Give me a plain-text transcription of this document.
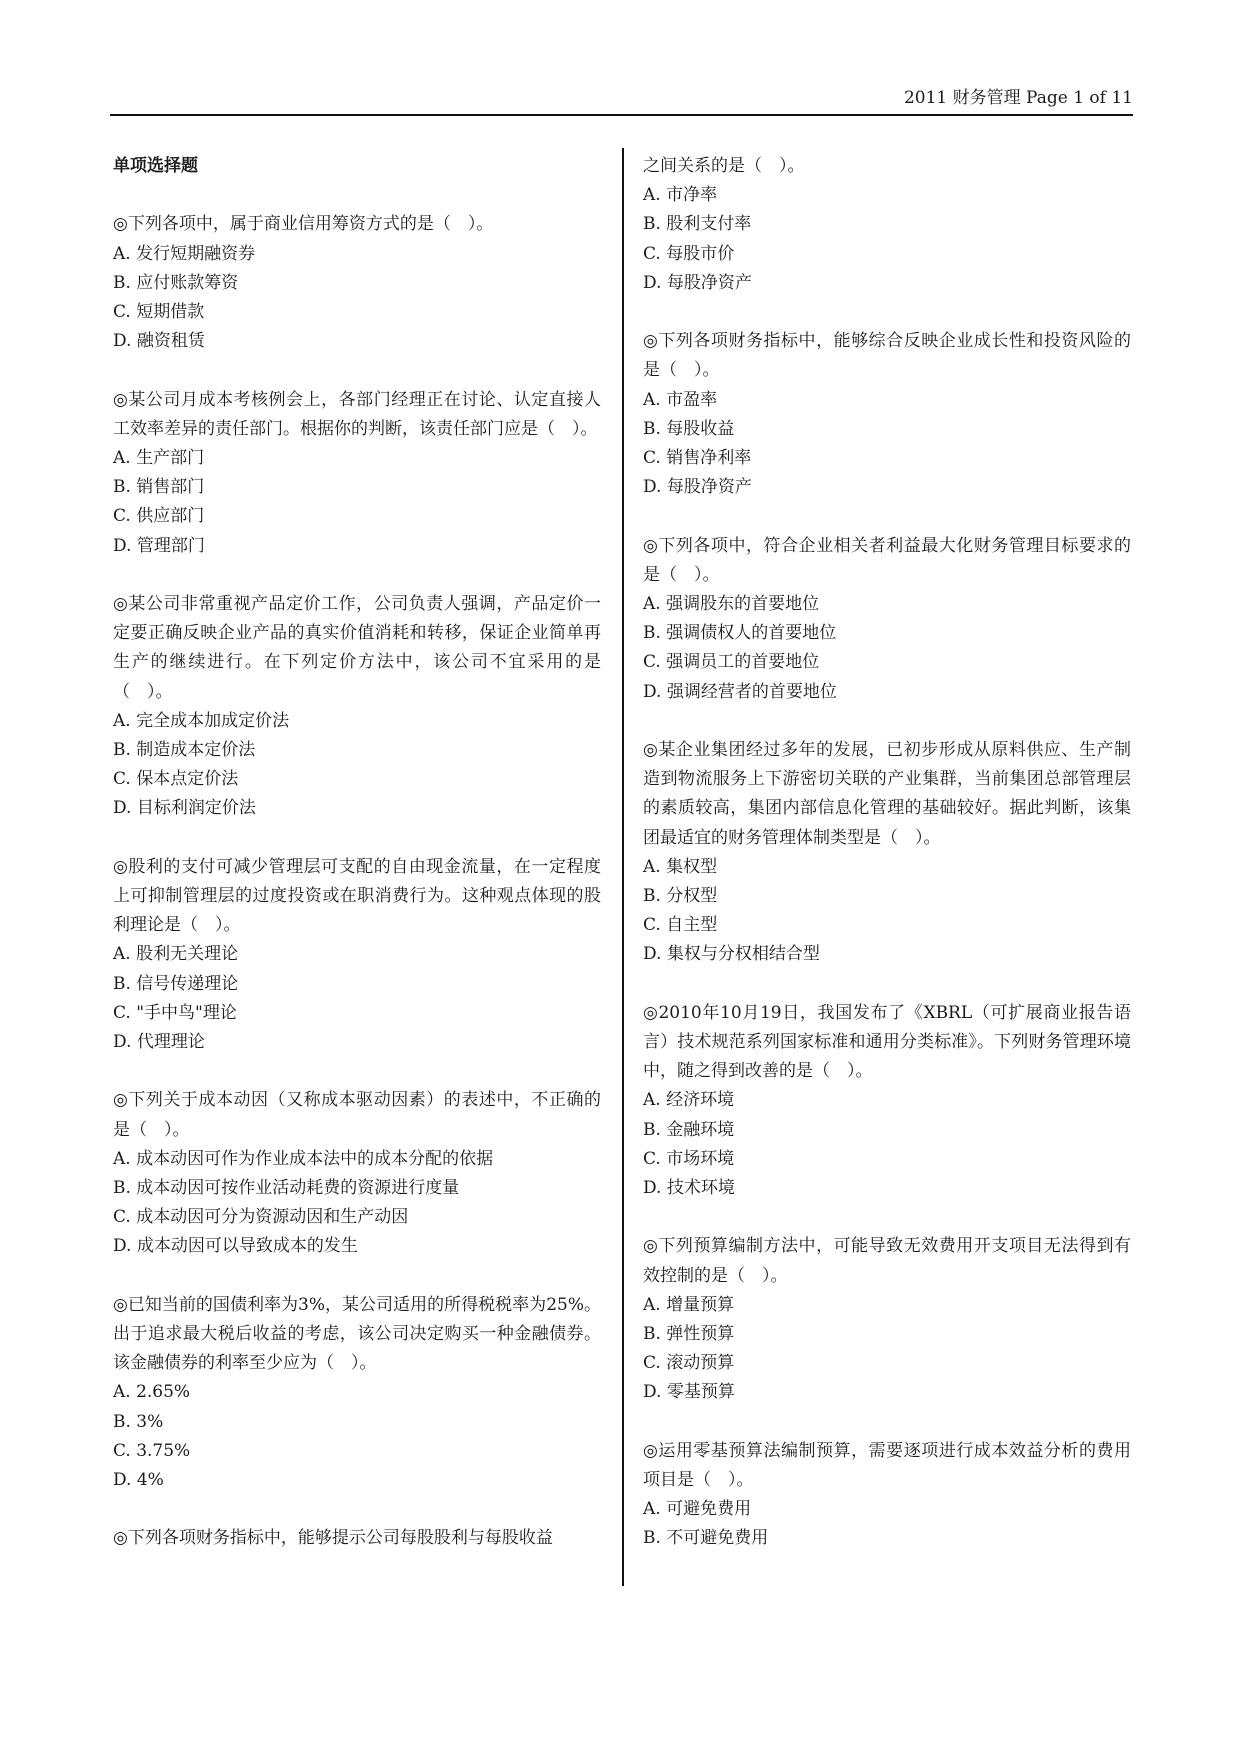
2011 财务管理 Page 1 of 11
单项选择题
◎下列各项中，属于商业信用筹资方式的是（　）。
A. 发行短期融资券
B. 应付账款筹资
C. 短期借款
D. 融资租赁
◎某公司月成本考核例会上，各部门经理正在讨论、认定直接人工效率差异的责任部门。根据你的判断，该责任部门应是（　）。
A. 生产部门
B. 销售部门
C. 供应部门
D. 管理部门
◎某公司非常重视产品定价工作，公司负责人强调，产品定价一定要正确反映企业产品的真实价值消耗和转移，保证企业简单再生产的继续进行。在下列定价方法中，该公司不宜采用的是（　）。
A. 完全成本加成定价法
B. 制造成本定价法
C. 保本点定价法
D. 目标利润定价法
◎股利的支付可减少管理层可支配的自由现金流量，在一定程度上可抑制管理层的过度投资或在职消费行为。这种观点体现的股利理论是（　）。
A. 股利无关理论
B. 信号传递理论
C. "手中鸟"理论
D. 代理理论
◎下列关于成本动因（又称成本驱动因素）的表述中，不正确的是（　）。
A. 成本动因可作为作业成本法中的成本分配的依据
B. 成本动因可按作业活动耗费的资源进行度量
C. 成本动因可分为资源动因和生产动因
D. 成本动因可以导致成本的发生
◎已知当前的国债利率为3%，某公司适用的所得税税率为25%。出于追求最大税后收益的考虑，该公司决定购买一种金融债券。该金融债券的利率至少应为（　）。
A. 2.65%
B. 3%
C. 3.75%
D. 4%
◎下列各项财务指标中，能够提示公司每股股利与每股收益
之间关系的是（　）。
A. 市净率
B. 股利支付率
C. 每股市价
D. 每股净资产
◎下列各项财务指标中，能够综合反映企业成长性和投资风险的是（　）。
A. 市盈率
B. 每股收益
C. 销售净利率
D. 每股净资产
◎下列各项中，符合企业相关者利益最大化财务管理目标要求的是（　）。
A. 强调股东的首要地位
B. 强调债权人的首要地位
C. 强调员工的首要地位
D. 强调经营者的首要地位
◎某企业集团经过多年的发展，已初步形成从原料供应、生产制造到物流服务上下游密切关联的产业集群，当前集团总部管理层的素质较高，集团内部信息化管理的基础较好。据此判断，该集团最适宜的财务管理体制类型是（　）。
A. 集权型
B. 分权型
C. 自主型
D. 集权与分权相结合型
◎2010年10月19日，我国发布了《XBRL（可扩展商业报告语言）技术规范系列国家标准和通用分类标准》。下列财务管理环境中，随之得到改善的是（　）。
A. 经济环境
B. 金融环境
C. 市场环境
D. 技术环境
◎下列预算编制方法中，可能导致无效费用开支项目无法得到有效控制的是（　）。
A. 增量预算
B. 弹性预算
C. 滚动预算
D. 零基预算
◎运用零基预算法编制预算，需要逐项进行成本效益分析的费用项目是（　）。
A. 可避免费用
B. 不可避免费用
